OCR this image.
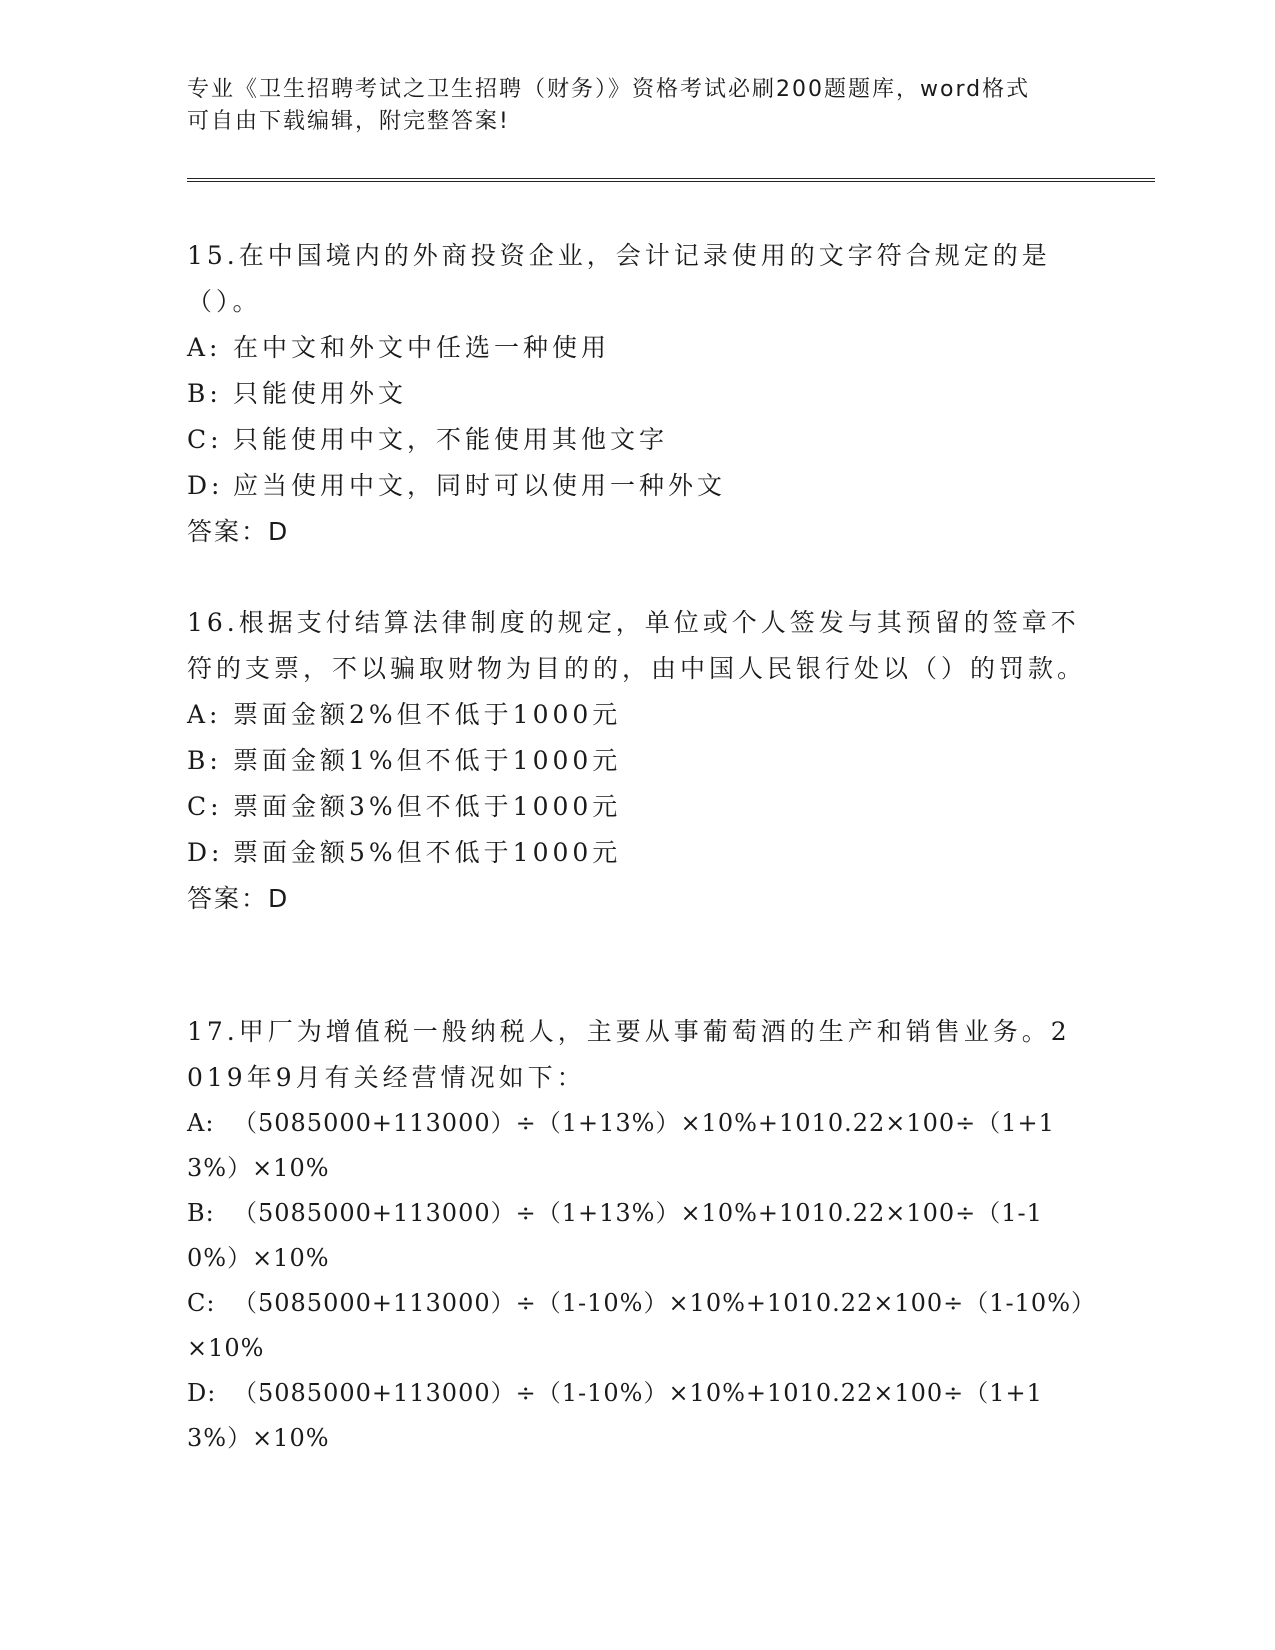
专业《卫生招聘考试之卫生招聘（财务）》资格考试必刷200题题库，word格式
可自由下载编辑，附完整答案!
15.在中国境内的外商投资企业，会计记录使用的文字符合规定的是（）。
A: 在中文和外文中任选一种使用
B: 只能使用外文
C: 只能使用中文，不能使用其他文字
D: 应当使用中文，同时可以使用一种外文
答案：D
16.根据支付结算法律制度的规定，单位或个人签发与其预留的签章不符的支票，不以骗取财物为目的的，由中国人民银行处以（）的罚款。
A: 票面金额2%但不低于1000元
B: 票面金额1%但不低于1000元
C: 票面金额3%但不低于1000元
D: 票面金额5%但不低于1000元
答案：D
17.甲厂为增值税一般纳税人，主要从事葡萄酒的生产和销售业务。2019年9月有关经营情况如下：
A: （5085000+113000）÷（1+13%）×10%+1010.22×100÷（1+13%）×10%
B: （5085000+113000）÷（1+13%）×10%+1010.22×100÷（1-10%）×10%
C: （5085000+113000）÷（1-10%）×10%+1010.22×100÷（1-10%）×10%
D: （5085000+113000）÷（1-10%）×10%+1010.22×100÷（1+13%）×10%
